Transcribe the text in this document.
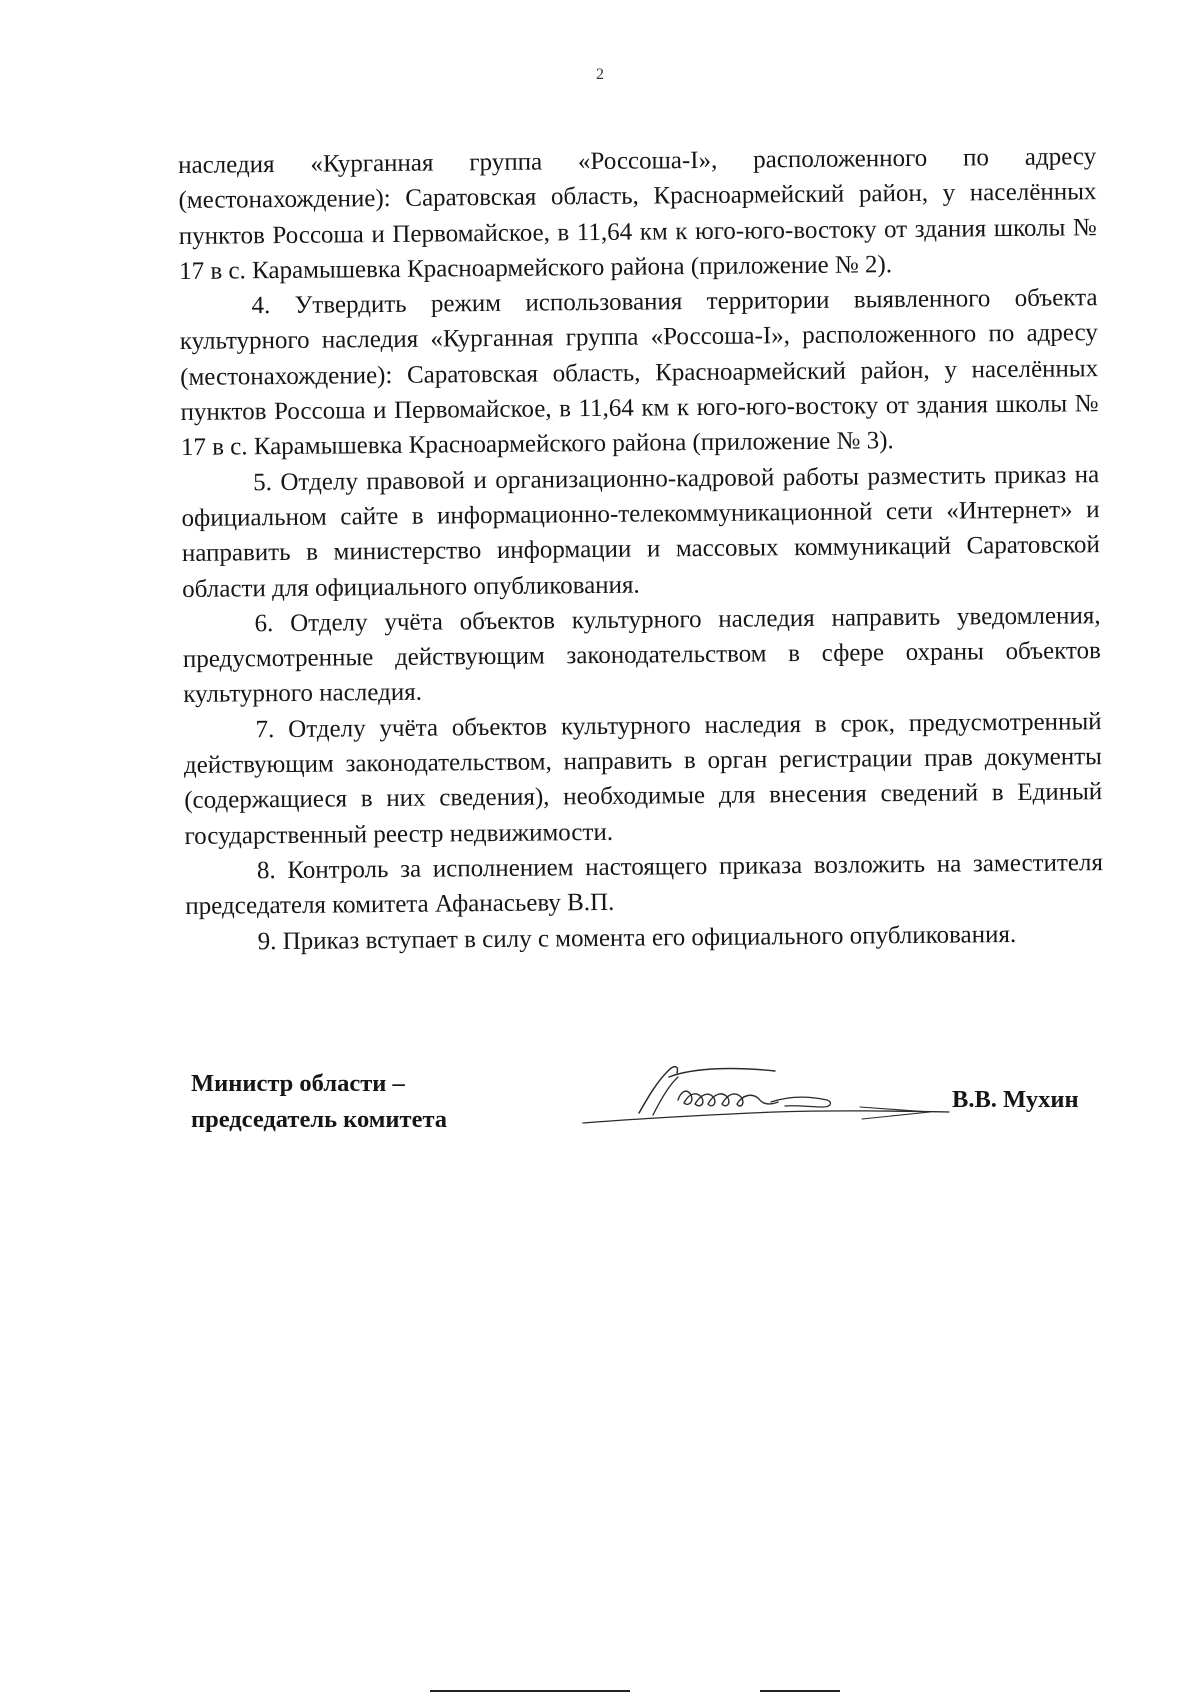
2

наследия «Курганная группа «Россоша-I», расположенного по адресу (местонахождение): Саратовская область, Красноармейский район, у населённых пунктов Россоша и Первомайское, в 11,64 км к юго-юго-востоку от здания школы № 17 в с. Карамышевка Красноармейского района (приложение № 2).

4. Утвердить режим использования территории выявленного объекта культурного наследия «Курганная группа «Россоша-I», расположенного по адресу (местонахождение): Саратовская область, Красноармейский район, у населённых пунктов Россоша и Первомайское, в 11,64 км к юго-юго-востоку от здания школы № 17 в с. Карамышевка Красноармейского района (приложение № 3).

5. Отделу правовой и организационно-кадровой работы разместить приказ на официальном сайте в информационно-телекоммуникационной сети «Интернет» и направить в министерство информации и массовых коммуникаций Саратовской области для официального опубликования.

6. Отделу учёта объектов культурного наследия направить уведомления, предусмотренные действующим законодательством в сфере охраны объектов культурного наследия.

7. Отделу учёта объектов культурного наследия в срок, предусмотренный действующим законодательством, направить в орган регистрации прав документы (содержащиеся в них сведения), необходимые для внесения сведений в Единый государственный реестр недвижимости.

8. Контроль за исполнением настоящего приказа возложить на заместителя председателя комитета Афанасьеву В.П.

9. Приказ вступает в силу с момента его официального опубликования.

Министр области –
председатель комитета
В.В. Мухин
